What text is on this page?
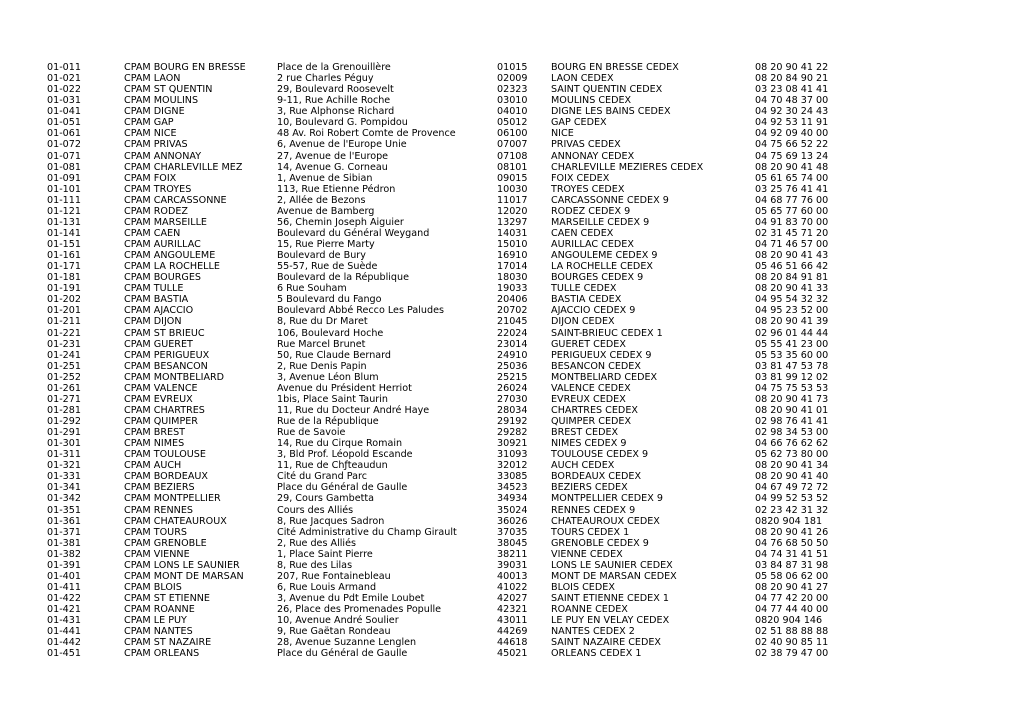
01-011	CPAM BOURG EN BRESSE	Place de la Grenouillère	01015 BOURG EN BRESSE CEDEX	08 20 90 41 22
01-021	CPAM LAON	2 rue Charles Péguy	02009 LAON CEDEX	08 20 84 90 21
01-022	CPAM ST QUENTIN	29, Boulevard Roosevelt	02323 SAINT QUENTIN CEDEX	03 23 08 41 41
01-031	CPAM MOULINS	9-11, Rue Achille Roche	03010 MOULINS CEDEX	04 70 48 37 00
01-041	CPAM DIGNE	3, Rue Alphonse Richard	04010 DIGNE LES BAINS CEDEX	04 92 30 24 43
01-051	CPAM GAP	10, Boulevard G. Pompidou	05012 GAP CEDEX	04 92 53 11 91
01-061	CPAM NICE	48 Av. Roi Robert Comte de Provence	06100 NICE	04 92 09 40 00
01-072	CPAM PRIVAS	6, Avenue de l'Europe Unie	07007 PRIVAS CEDEX	04 75 66 52 22
01-071	CPAM ANNONAY	27, Avenue de l'Europe	07108 ANNONAY CEDEX	04 75 69 13 24
01-081	CPAM CHARLEVILLE MEZ	14, Avenue G. Corneau	08101 CHARLEVILLE MEZIERES CEDEX	08 20 90 41 48
01-091	CPAM FOIX	1, Avenue de Sibian	09015 FOIX CEDEX	05 61 65 74 00
01-101	CPAM TROYES	113, Rue Etienne Pédron	10030 TROYES CEDEX	03 25 76 41 41
01-111	CPAM CARCASSONNE	2, Allée de Bezons	11017 CARCASSONNE CEDEX 9	04 68 77 76 00
01-121	CPAM RODEZ	Avenue de Bamberg	12020 RODEZ CEDEX 9	05 65 77 60 00
01-131	CPAM MARSEILLE	56, Chemin Joseph Aiguier	13297 MARSEILLE CEDEX 9	04 91 83 70 00
01-141	CPAM CAEN	Boulevard du Général Weygand	14031 CAEN CEDEX	02 31 45 71 20
01-151	CPAM AURILLAC	15, Rue Pierre Marty	15010 AURILLAC CEDEX	04 71 46 57 00
01-161	CPAM ANGOULEME	Boulevard de Bury	16910 ANGOULEME CEDEX 9	08 20 90 41 43
01-171	CPAM LA ROCHELLE	55-57, Rue de Suède	17014 LA ROCHELLE CEDEX	05 46 51 66 42
01-181	CPAM BOURGES	Boulevard de la République	18030 BOURGES CEDEX 9	08 20 84 91 81
01-191	CPAM TULLE	6 Rue Souham	19033 TULLE CEDEX	08 20 90 41 33
01-202	CPAM BASTIA	5 Boulevard du Fango	20406 BASTIA CEDEX	04 95 54 32 32
01-201	CPAM AJACCIO	Boulevard Abbé Recco Les Paludes	20702 AJACCIO CEDEX 9	04 95 23 52 00
01-211	CPAM DIJON	8, Rue du Dr Maret	21045 DIJON CEDEX	08 20 90 41 39
01-221	CPAM ST BRIEUC	106, Boulevard Hoche	22024 SAINT-BRIEUC CEDEX 1	02 96 01 44 44
01-231	CPAM GUERET	Rue Marcel Brunet	23014 GUERET CEDEX	05 55 41 23 00
01-241	CPAM PERIGUEUX	50, Rue Claude Bernard	24910 PERIGUEUX CEDEX 9	05 53 35 60 00
01-251	CPAM BESANCON	2, Rue Denis Papin	25036 BESANCON CEDEX	03 81 47 53 78
01-252	CPAM MONTBELIARD	3, Avenue Léon Blum	25215 MONTBELIARD CEDEX	03 81 99 12 02
01-261	CPAM VALENCE	Avenue du Président Herriot	26024 VALENCE CEDEX	04 75 75 53 53
01-271	CPAM EVREUX	1bis, Place Saint Taurin	27030 EVREUX CEDEX	08 20 90 41 73
01-281	CPAM CHARTRES	11, Rue du Docteur André Haye	28034 CHARTRES CEDEX	08 20 90 41 01
01-292	CPAM QUIMPER	Rue de la République	29192 QUIMPER CEDEX	02 98 76 41 41
01-291	CPAM BREST	Rue de Savoie	29282 BREST CEDEX	02 98 34 53 00
01-301	CPAM NIMES	14, Rue du Cirque Romain	30921 NIMES CEDEX 9	04 66 76 62 62
01-311	CPAM TOULOUSE	3, Bld Prof. Léopold Escande	31093 TOULOUSE CEDEX 9	05 62 73 80 00
01-321	CPAM AUCH	11, Rue de Chƒteaudun	32012 AUCH CEDEX	08 20 90 41 34
01-331	CPAM BORDEAUX	Cité du Grand Parc	33085 BORDEAUX CEDEX	08 20 90 41 40
01-341	CPAM BEZIERS	Place du Général de Gaulle	34523 BEZIERS CEDEX	04 67 49 72 72
01-342	CPAM MONTPELLIER	29, Cours Gambetta	34934 MONTPELLIER CEDEX 9	04 99 52 53 52
01-351	CPAM RENNES	Cours des Alliés	35024 RENNES CEDEX 9	02 23 42 31 32
01-361	CPAM CHATEAUROUX	8, Rue Jacques Sadron	36026 CHATEAUROUX CEDEX	0820 904 181
01-371	CPAM TOURS	Cité Administrative du Champ Girault	37035 TOURS CEDEX 1	08 20 90 41 26
01-381	CPAM GRENOBLE	2, Rue des Alliés	38045 GRENOBLE CEDEX 9	04 76 68 50 50
01-382	CPAM VIENNE	1, Place Saint Pierre	38211 VIENNE CEDEX	04 74 31 41 51
01-391	CPAM LONS LE SAUNIER	8, Rue des Lilas	39031 LONS LE SAUNIER CEDEX	03 84 87 31 98
01-401	CPAM MONT DE MARSAN	207, Rue Fontainebleau	40013 MONT DE MARSAN CEDEX	05 58 06 62 00
01-411	CPAM BLOIS	6, Rue Louis Armand	41022 BLOIS CEDEX	08 20 90 41 27
01-422	CPAM ST ETIENNE	3, Avenue du Pdt Emile Loubet	42027 SAINT ETIENNE CEDEX 1	04 77 42 20 00
01-421	CPAM ROANNE	26, Place des Promenades Populle	42321 ROANNE CEDEX	04 77 44 40 00
01-431	CPAM LE PUY	10, Avenue André Soulier	43011 LE PUY EN VELAY CEDEX	0820 904 146
01-441	CPAM NANTES	9, Rue Gaëtan Rondeau	44269 NANTES CEDEX 2	02 51 88 88 88
01-442	CPAM ST NAZAIRE	28, Avenue Suzanne Lenglen	44618 SAINT NAZAIRE CEDEX	02 40 90 85 11
01-451	CPAM ORLEANS	Place du Général de Gaulle	45021 ORLEANS CEDEX 1	02 38 79 47 00
